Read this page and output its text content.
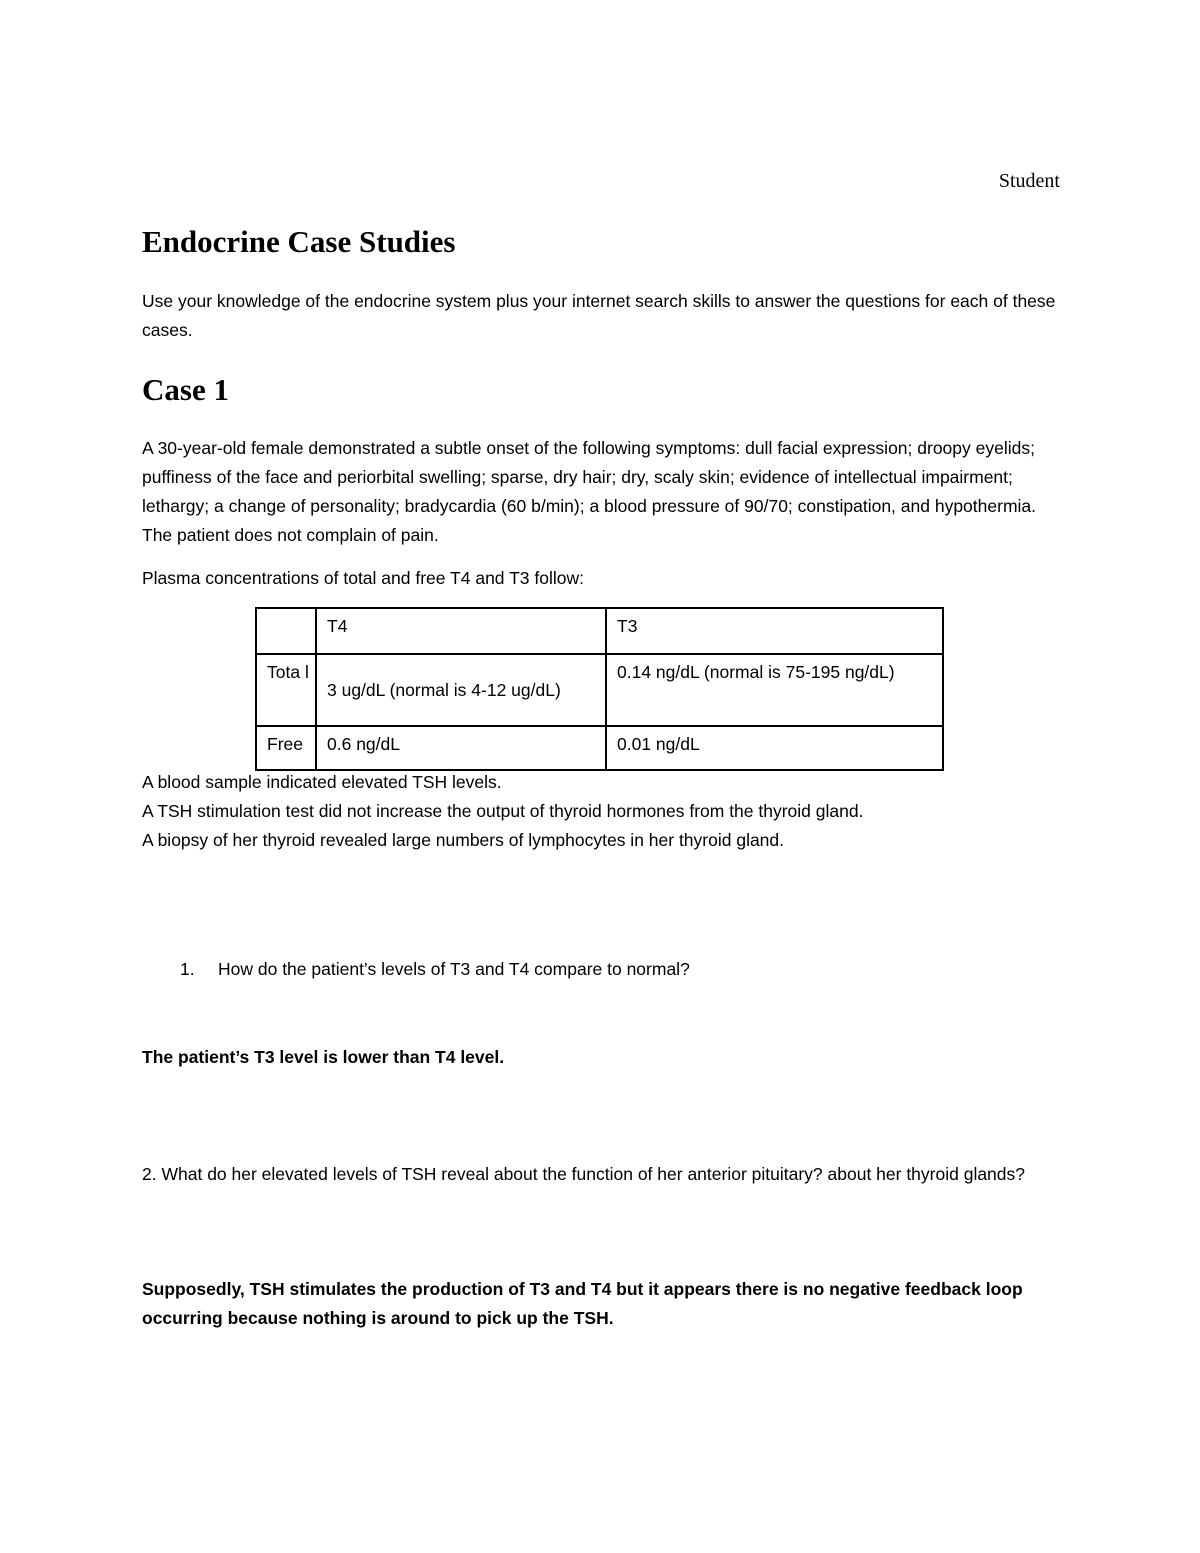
Student
Endocrine Case Studies

Use your knowledge of the endocrine system plus your internet search skills to answer the questions for each of these cases.

Case 1

A 30-year-old female demonstrated a subtle onset of the following symptoms: dull facial expression; droopy eyelids; puffiness of the face and periorbital swelling; sparse, dry hair; dry, scaly skin; evidence of intellectual impairment; lethargy; a change of personality; bradycardia (60 b/min); a blood pressure of 90/70; constipation, and hypothermia. The patient does not complain of pain.

Plasma concentrations of total and free T4 and T3 follow:

	T4	T3
Tota l	3 ug/dL (normal is 4-12 ug/dL)	0.14 ng/dL (normal is 75-195 ng/dL)
Free	0.6 ng/dL	0.01 ng/dL

A blood sample indicated elevated TSH levels.

A TSH stimulation test did not increase the output of thyroid hormones from the thyroid gland.

A biopsy of her thyroid revealed large numbers of lymphocytes in her thyroid gland.

1. How do the patient’s levels of T3 and T4 compare to normal?

The patient’s T3 level is lower than T4 level.

2. What do her elevated levels of TSH reveal about the function of her anterior pituitary? about her thyroid glands?

Supposedly, TSH stimulates the production of T3 and T4 but it appears there is no negative feedback loop occurring because nothing is around to pick up the TSH.
